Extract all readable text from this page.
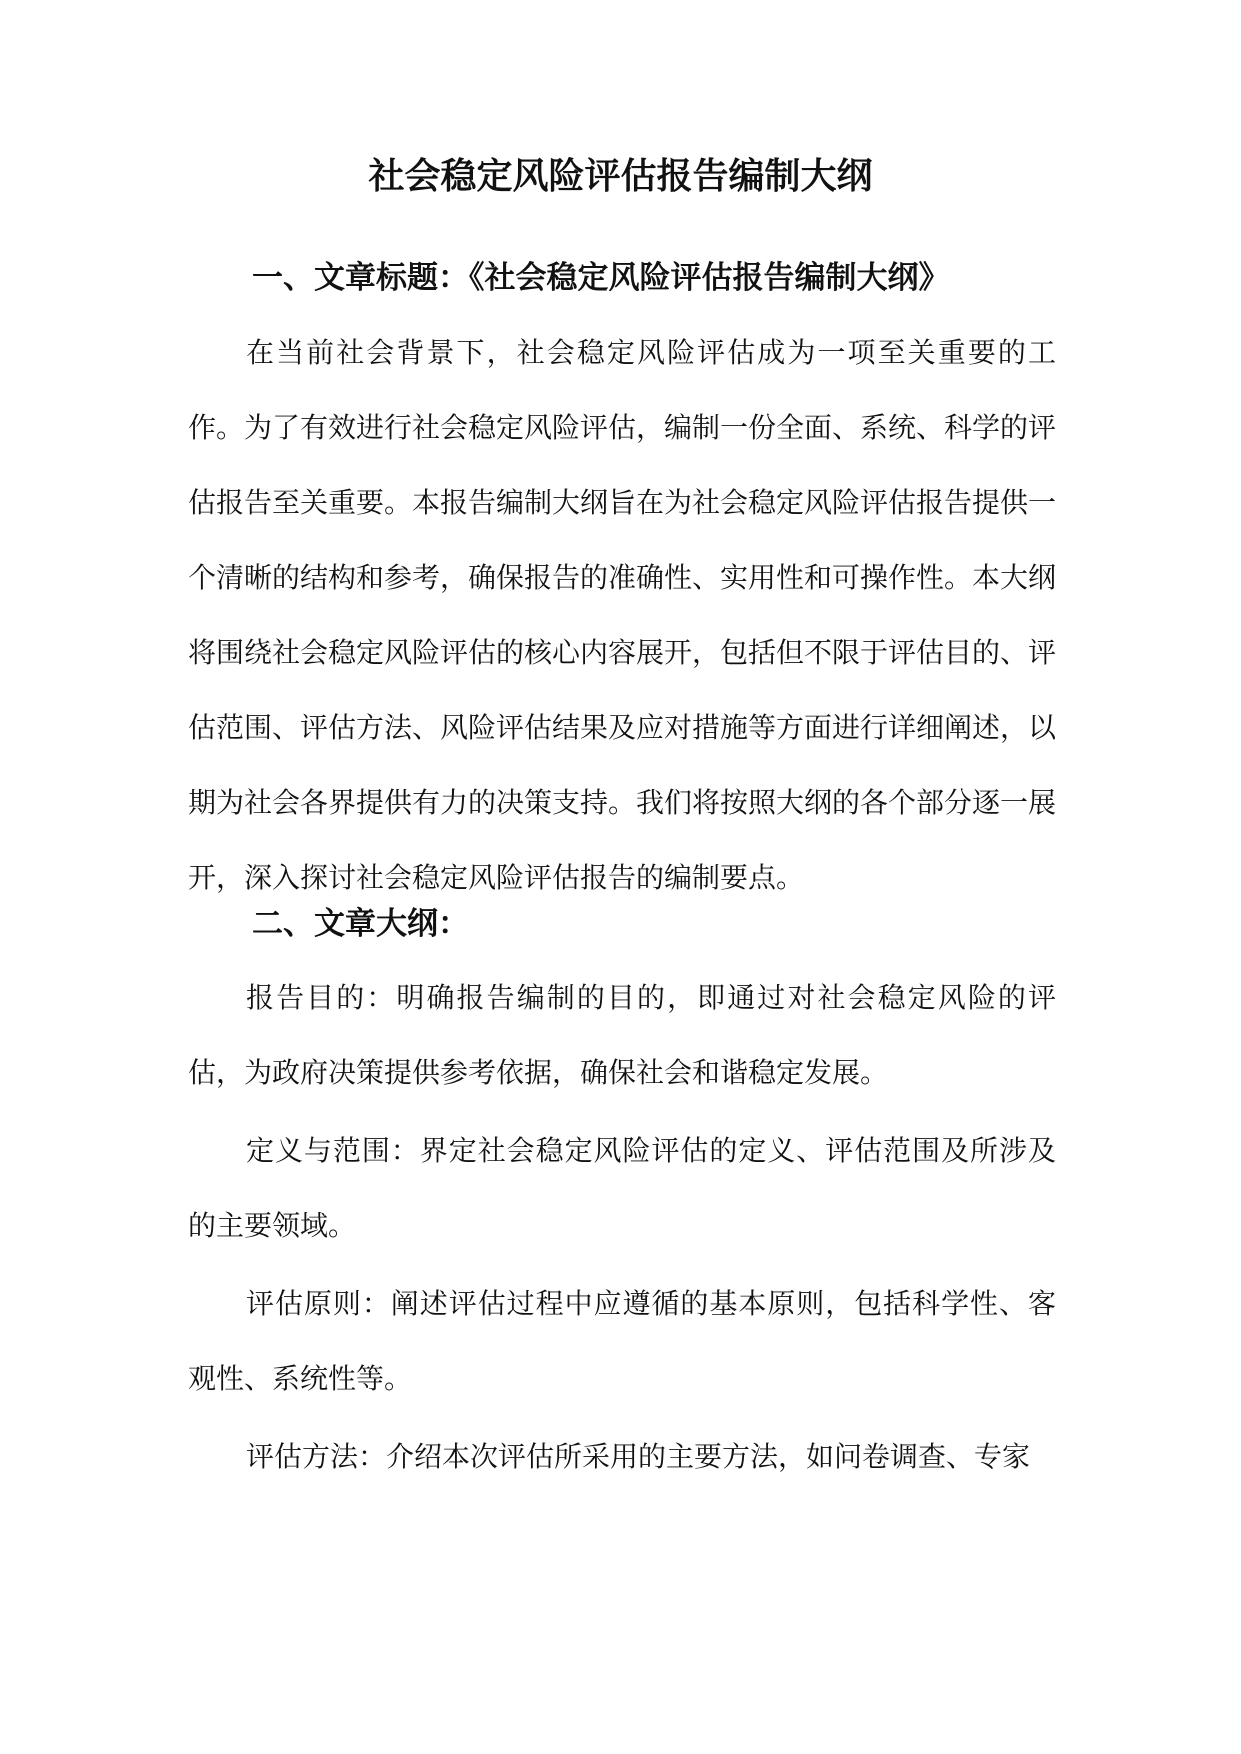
社会稳定风险评估报告编制大纲
一、文章标题：《社会稳定风险评估报告编制大纲》

在当前社会背景下，社会稳定风险评估成为一项至关重要的工作。为了有效进行社会稳定风险评估，编制一份全面、系统、科学的评估报告至关重要。本报告编制大纲旨在为社会稳定风险评估报告提供一个清晰的结构和参考，确保报告的准确性、实用性和可操作性。本大纲将围绕社会稳定风险评估的核心内容展开，包括但不限于评估目的、评估范围、评估方法、风险评估结果及应对措施等方面进行详细阐述，以期为社会各界提供有力的决策支持。我们将按照大纲的各个部分逐一展开，深入探讨社会稳定风险评估报告的编制要点。

二、文章大纲：

报告目的：明确报告编制的目的，即通过对社会稳定风险的评估，为政府决策提供参考依据，确保社会和谐稳定发展。

定义与范围：界定社会稳定风险评估的定义、评估范围及所涉及的主要领域。

评估原则：阐述评估过程中应遵循的基本原则，包括科学性、客观性、系统性等。

评估方法：介绍本次评估所采用的主要方法，如问卷调查、专家
